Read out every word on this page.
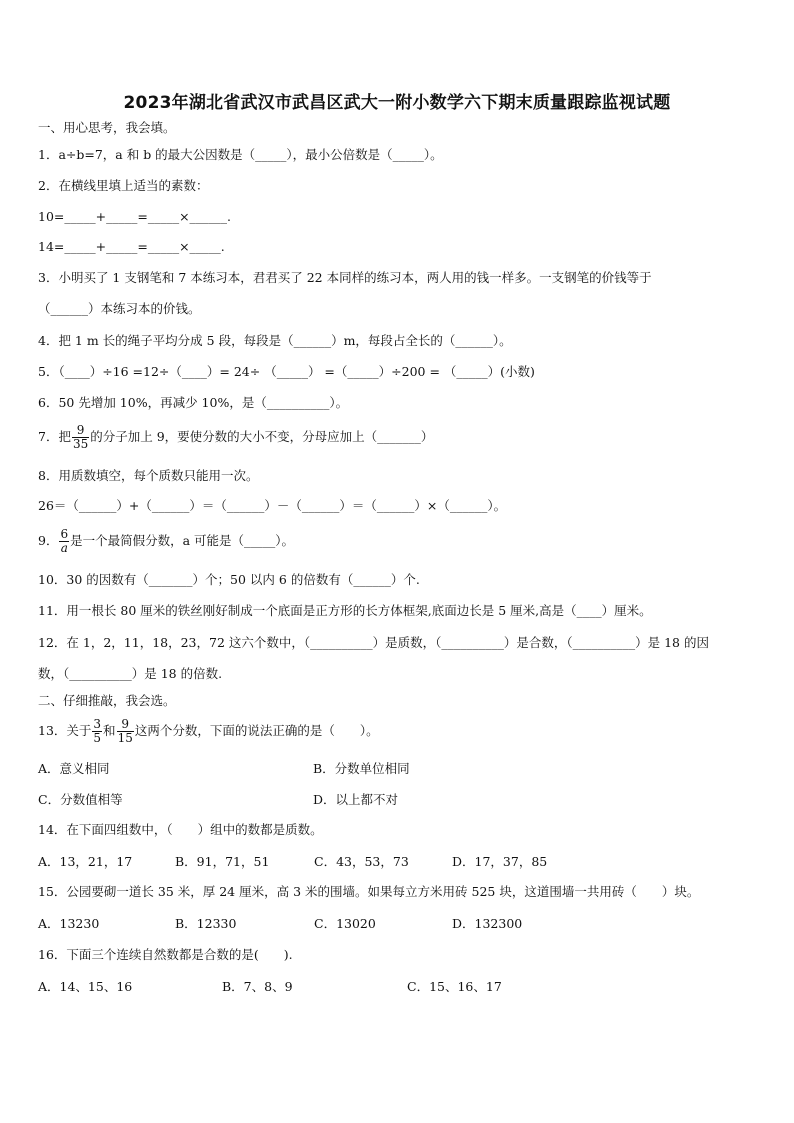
2023年湖北省武汉市武昌区武大一附小数学六下期末质量跟踪监视试题
一、用心思考，我会填。
1．a÷b=7，a 和 b 的最大公因数是（_____），最小公倍数是（_____）。
2．在横线里填上适当的素数：
10=_____+_____=_____×______.
14=_____+_____=_____×_____.
3．小明买了 1 支钢笔和 7 本练习本，君君买了 22 本同样的练习本，两人用的钱一样多。一支钢笔的价钱等于
（______）本练习本的价钱。
4．把 1 m 长的绳子平均分成 5 段，每段是（______）m，每段占全长的（______）。
5．（____）÷16 =12÷（____）= 24÷ （_____） =（_____）÷200 = （_____）(小数)
6．50 先增加 10%，再减少 10%，是（__________）。
7．把 $\frac{9}{35}$ 的分子加上 9，要使分数的大小不变，分母应加上（_______）
8．用质数填空，每个质数只能用一次。
26＝（______）+（______）＝（______）－（______）＝（______）×（______）。
9． $\frac{6}{a}$ 是一个最简假分数，a 可能是（_____）。
10．30 的因数有（_______）个；50 以内 6 的倍数有（______）个.
11．用一根长 80 厘米的铁丝刚好制成一个底面是正方形的长方体框架,底面边长是 5 厘米,高是（____）厘米。
12．在 1，2，11，18，23，72 这六个数中，（__________）是质数，（__________）是合数，（__________）是 18 的因
数，（__________）是 18 的倍数.
二、仔细推敲，我会选。
13．关于 $\frac{3}{5}$ 和 $\frac{9}{15}$ 这两个分数，下面的说法正确的是（　　）。
A．意义相同	B．分数单位相同
C．分数值相等	D．以上都不对
14．在下面四组数中，（　　）组中的数都是质数。
A．13，21，17	B．91，71，51	C．43，53，73	D．17，37，85
15．公园要砌一道长 35 米，厚 24 厘米，高 3 米的围墙。如果每立方米用砖 525 块，这道围墙一共用砖（　　）块。
A．13230	B．12330	C．13020	D．132300
16．下面三个连续自然数都是合数的是(　　).
A．14、15、16	B．7、8、9	C．15、16、17
